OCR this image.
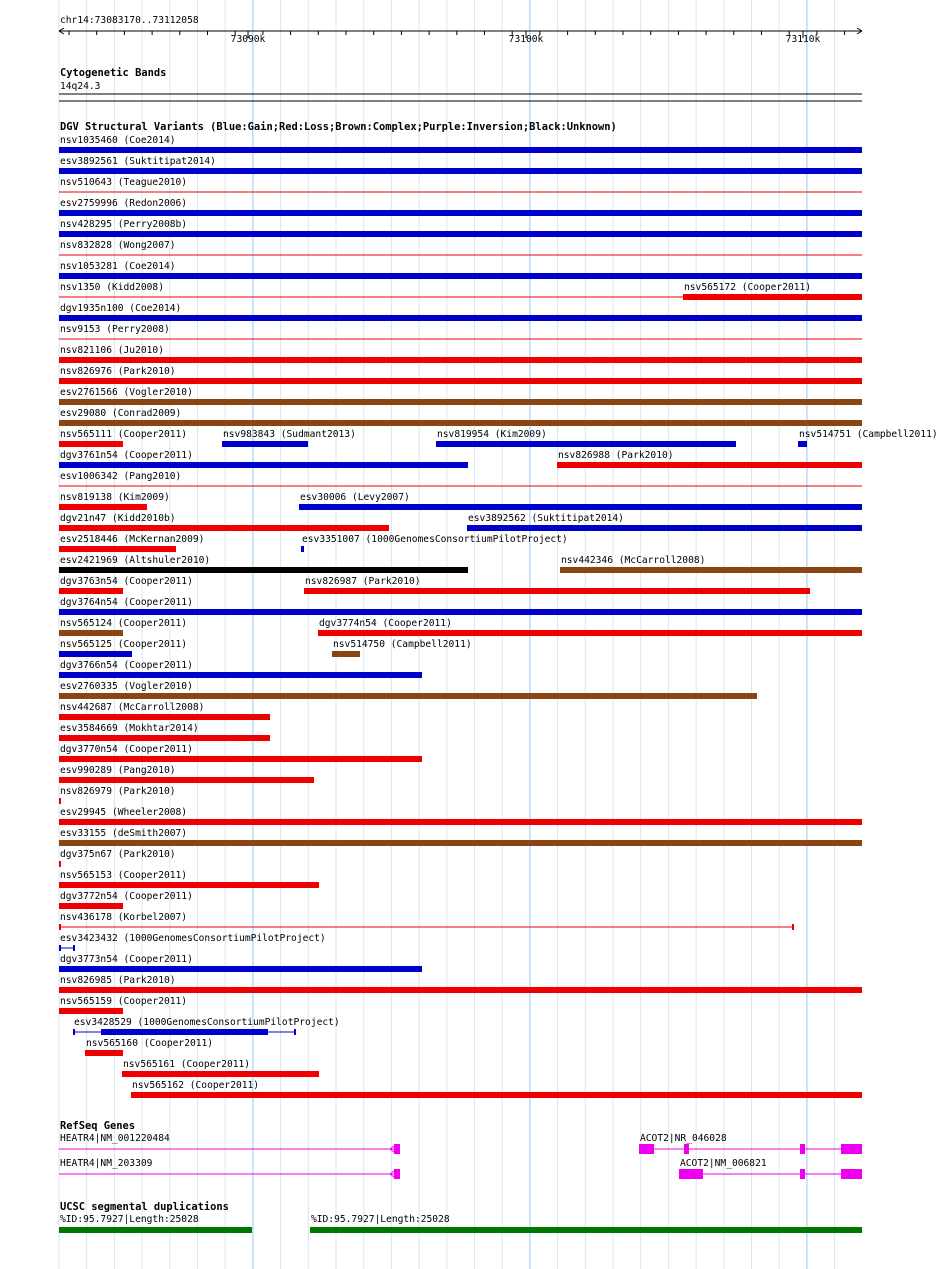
chr14:73083170..73112058
73090k	73100k	73110k
Cytogenetic Bands
14q24.3
DGV Structural Variants (Blue:Gain;Red:Loss;Brown:Complex;Purple:Inversion;Black:Unknown)
nsv1035460 (Coe2014)
esv3892561 (Suktitipat2014)
nsv510643 (Teague2010)
esv2759996 (Redon2006)
nsv428295 (Perry2008b)
nsv832828 (Wong2007)
nsv1053281 (Coe2014)
nsv1350 (Kidd2008)	nsv565172 (Cooper2011)
dgv1935n100 (Coe2014)
nsv9153 (Perry2008)
nsv821106 (Ju2010)
nsv826976 (Park2010)
esv2761566 (Vogler2010)
esv29080 (Conrad2009)
nsv565111 (Cooper2011)	nsv983843 (Sudmant2013)	nsv819954 (Kim2009)	nsv514751 (Campbell2011)
dgv3761n54 (Cooper2011)	nsv826988 (Park2010)
esv1006342 (Pang2010)
nsv819138 (Kim2009)	esv30006 (Levy2007)
dgv21n47 (Kidd2010b)	esv3892562 (Suktitipat2014)
esv2518446 (McKernan2009)	esv3351007 (1000GenomesConsortiumPilotProject)
esv2421969 (Altshuler2010)	nsv442346 (McCarroll2008)
dgv3763n54 (Cooper2011)	nsv826987 (Park2010)
dgv3764n54 (Cooper2011)
nsv565124 (Cooper2011)	dgv3774n54 (Cooper2011)
nsv565125 (Cooper2011)	nsv514750 (Campbell2011)
dgv3766n54 (Cooper2011)
esv2760335 (Vogler2010)
nsv442687 (McCarroll2008)
esv3584669 (Mokhtar2014)
dgv3770n54 (Cooper2011)
esv990289 (Pang2010)
nsv826979 (Park2010)
esv29945 (Wheeler2008)
esv33155 (deSmith2007)
dgv375n67 (Park2010)
nsv565153 (Cooper2011)
dgv3772n54 (Cooper2011)
nsv436178 (Korbel2007)
esv3423432 (1000GenomesConsortiumPilotProject)
dgv3773n54 (Cooper2011)
nsv826985 (Park2010)
nsv565159 (Cooper2011)
esv3428529 (1000GenomesConsortiumPilotProject)
nsv565160 (Cooper2011)
nsv565161 (Cooper2011)
nsv565162 (Cooper2011)
RefSeq Genes
HEATR4|NM_001220484	ACOT2|NR_046028
HEATR4|NM_203309	ACOT2|NM_006821
UCSC segmental duplications
%ID:95.7927|Length:25028	%ID:95.7927|Length:25028
